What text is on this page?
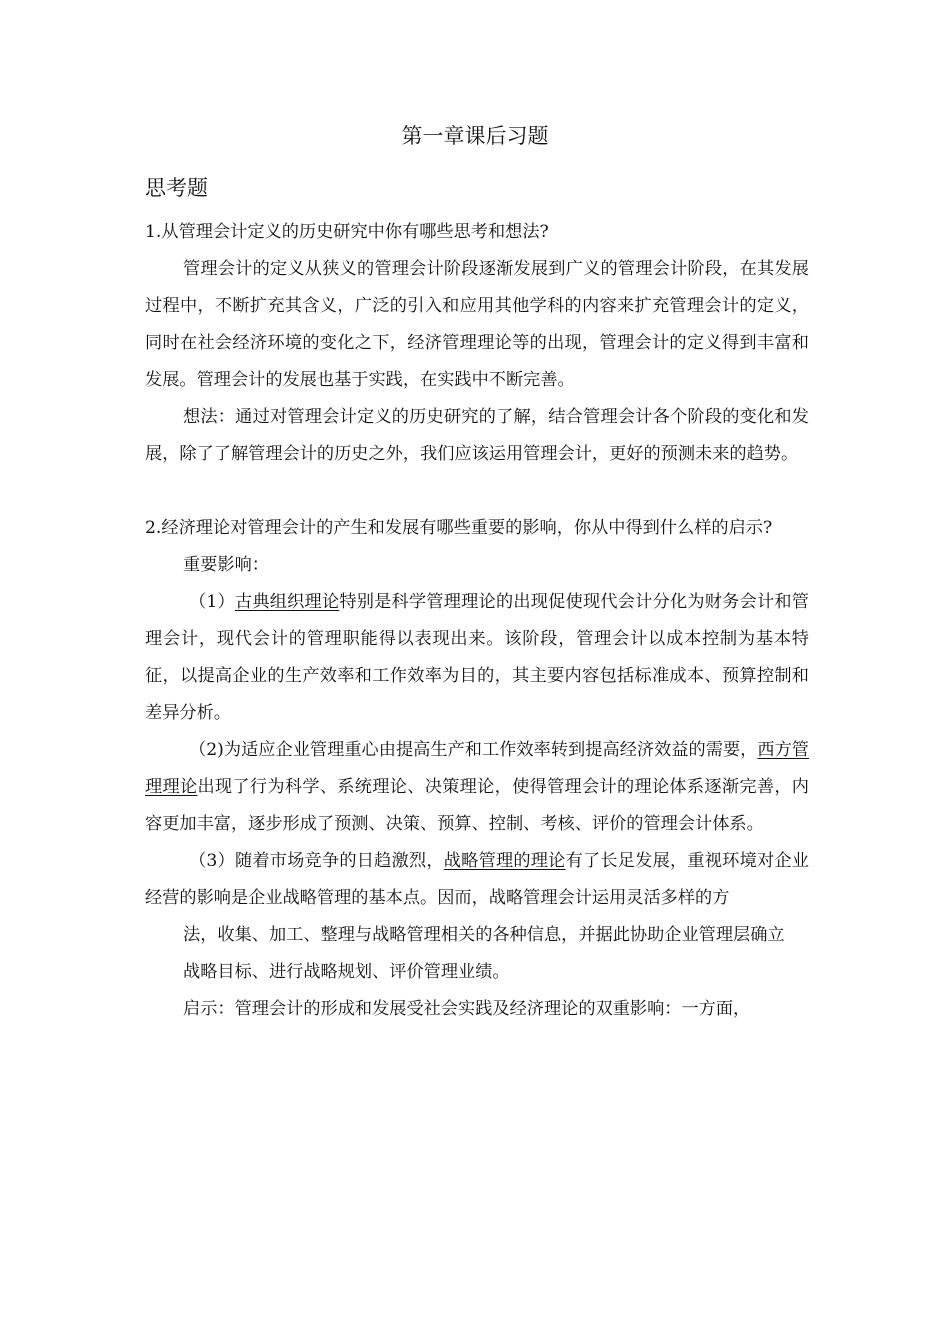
第一章课后习题
思考题

1.从管理会计定义的历史研究中你有哪些思考和想法?

管理会计的定义从狭义的管理会计阶段逐渐发展到广义的管理会计阶段，在其发展过程中，不断扩充其含义，广泛的引入和应用其他学科的内容来扩充管理会计的定义，同时在社会经济环境的变化之下，经济管理理论等的出现，管理会计的定义得到丰富和发展。管理会计的发展也基于实践，在实践中不断完善。

想法：通过对管理会计定义的历史研究的了解，结合管理会计各个阶段的变化和发展，除了了解管理会计的历史之外，我们应该运用管理会计，更好的预测未来的趋势。

2.经济理论对管理会计的产生和发展有哪些重要的影响，你从中得到什么样的启示?

重要影响：

（1）古典组织理论特别是科学管理理论的出现促使现代会计分化为财务会计和管理会计，现代会计的管理职能得以表现出来。该阶段，管理会计以成本控制为基本特征，以提高企业的生产效率和工作效率为目的，其主要内容包括标准成本、预算控制和差异分析。

（2)为适应企业管理重心由提高生产和工作效率转到提高经济效益的需要，西方管理理论出现了行为科学、系统理论、决策理论，使得管理会计的理论体系逐渐完善，内容更加丰富，逐步形成了预测、决策、预算、控制、考核、评价的管理会计体系。

（3）随着市场竞争的日趋激烈，战略管理的理论有了长足发展，重视环境对企业经营的影响是企业战略管理的基本点。因而，战略管理会计运用灵活多样的方

法，收集、加工、整理与战略管理相关的各种信息，并据此协助企业管理层确立

战略目标、进行战略规划、评价管理业绩。

启示：管理会计的形成和发展受社会实践及经济理论的双重影响：一方面，
